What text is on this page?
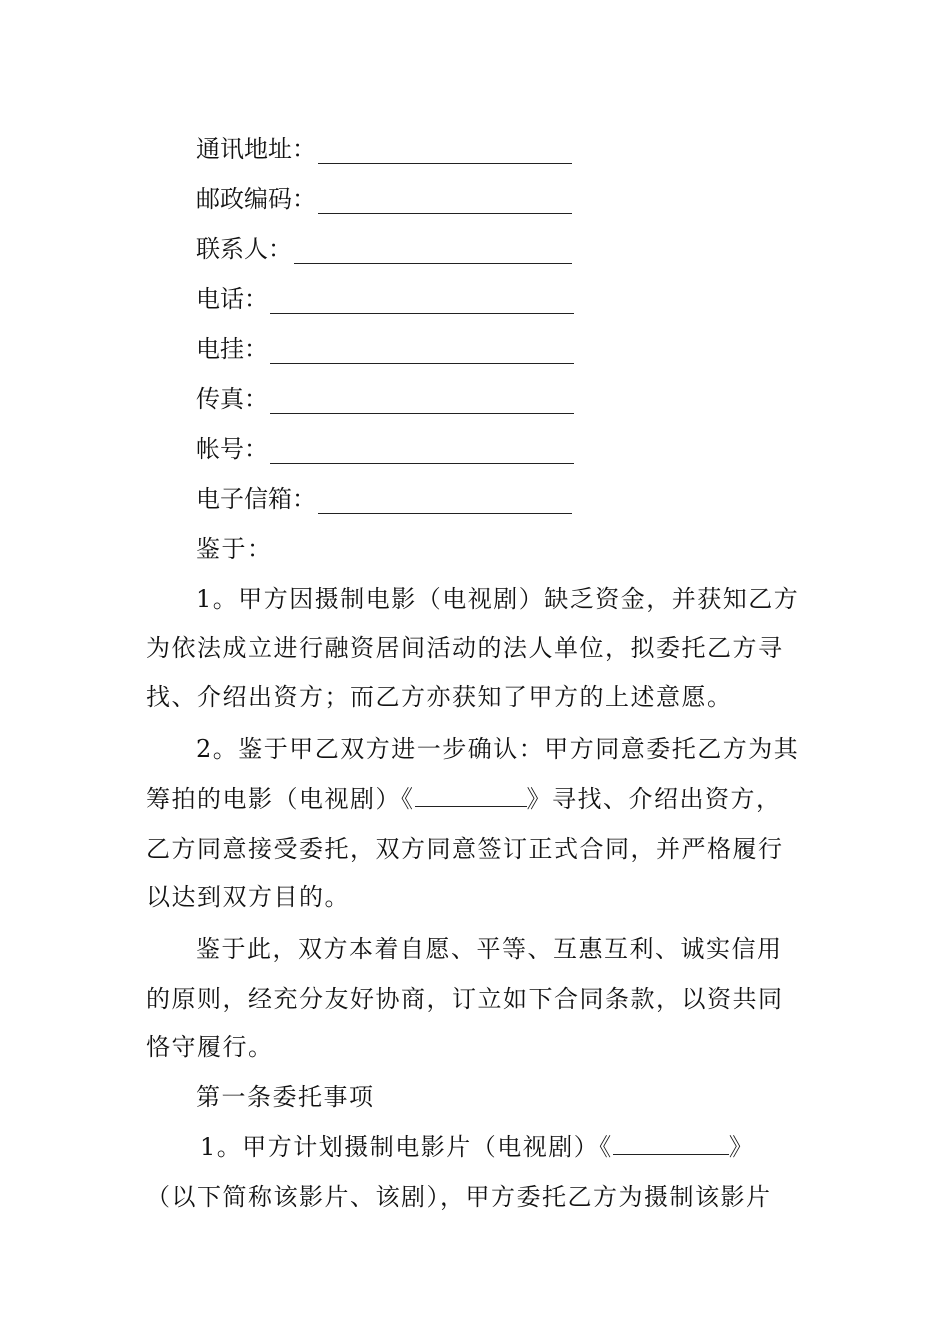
通讯地址：
邮政编码：
联系人：
电话：
电挂：
传真：
帐号：
电子信箱：
鉴于：
1。甲方因摄制电影（电视剧）缺乏资金，并获知乙方
为依法成立进行融资居间活动的法人单位，拟委托乙方寻
找、介绍出资方；而乙方亦获知了甲方的上述意愿。
2。鉴于甲乙双方进一步确认：甲方同意委托乙方为其
筹拍的电影（电视剧）《	》寻找、介绍出资方，
乙方同意接受委托，双方同意签订正式合同，并严格履行
以达到双方目的。
鉴于此，双方本着自愿、平等、互惠互利、诚实信用
的原则，经充分友好协商，订立如下合同条款，以资共同
恪守履行。
第一条委托事项
1。甲方计划摄制电影片（电视剧）《	》
（以下简称该影片、该剧），甲方委托乙方为摄制该影片
